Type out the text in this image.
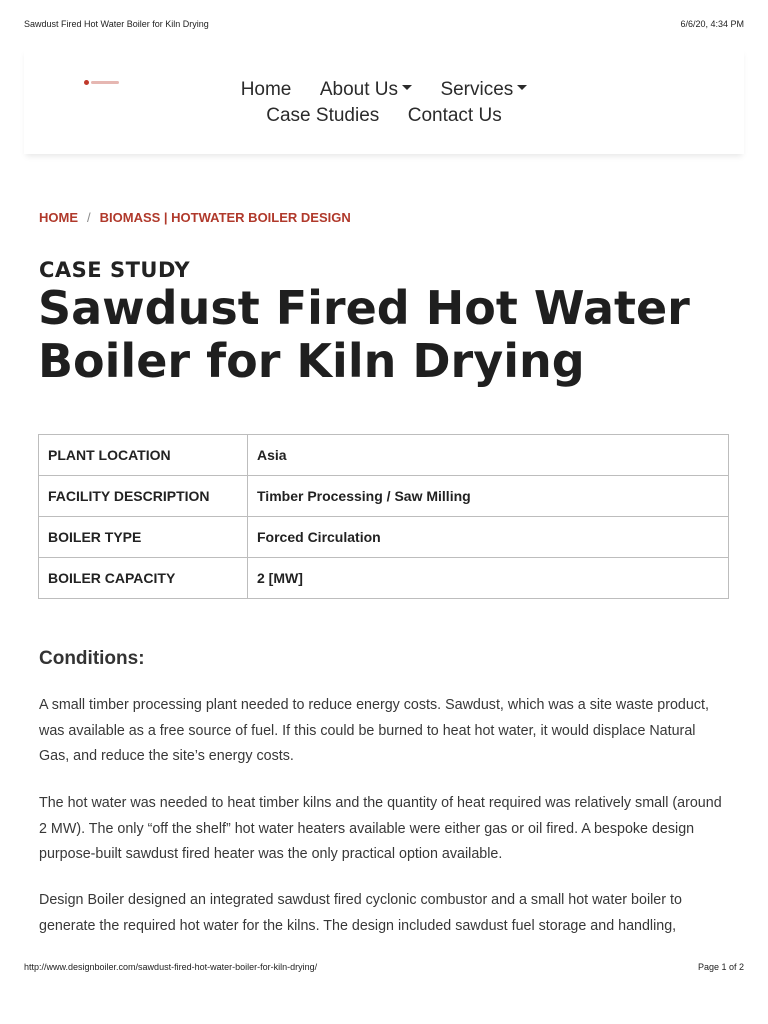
Sawdust Fired Hot Water Boiler for Kiln Drying	6/6/20, 4:34 PM
Home About Us Services
Case Studies Contact Us
HOME / BIOMASS | HOTWATER BOILER DESIGN
CASE STUDY
Sawdust Fired Hot Water Boiler for Kiln Drying
PLANT LOCATION	Asia
FACILITY DESCRIPTION	Timber Processing / Saw Milling
BOILER TYPE	Forced Circulation
BOILER CAPACITY	2 [MW]
Conditions:

A small timber processing plant needed to reduce energy costs. Sawdust, which was a site waste product, was available as a free source of fuel. If this could be burned to heat hot water, it would displace Natural Gas, and reduce the site’s energy costs.

The hot water was needed to heat timber kilns and the quantity of heat required was relatively small (around 2 MW). The only “off the shelf” hot water heaters available were either gas or oil fired. A bespoke design purpose-built sawdust fired heater was the only practical option available.

Design Boiler designed an integrated sawdust fired cyclonic combustor and a small hot water boiler to generate the required hot water for the kilns. The design included sawdust fuel storage and handling,

http://www.designboiler.com/sawdust-fired-hot-water-boiler-for-kiln-drying/	Page 1 of 2
